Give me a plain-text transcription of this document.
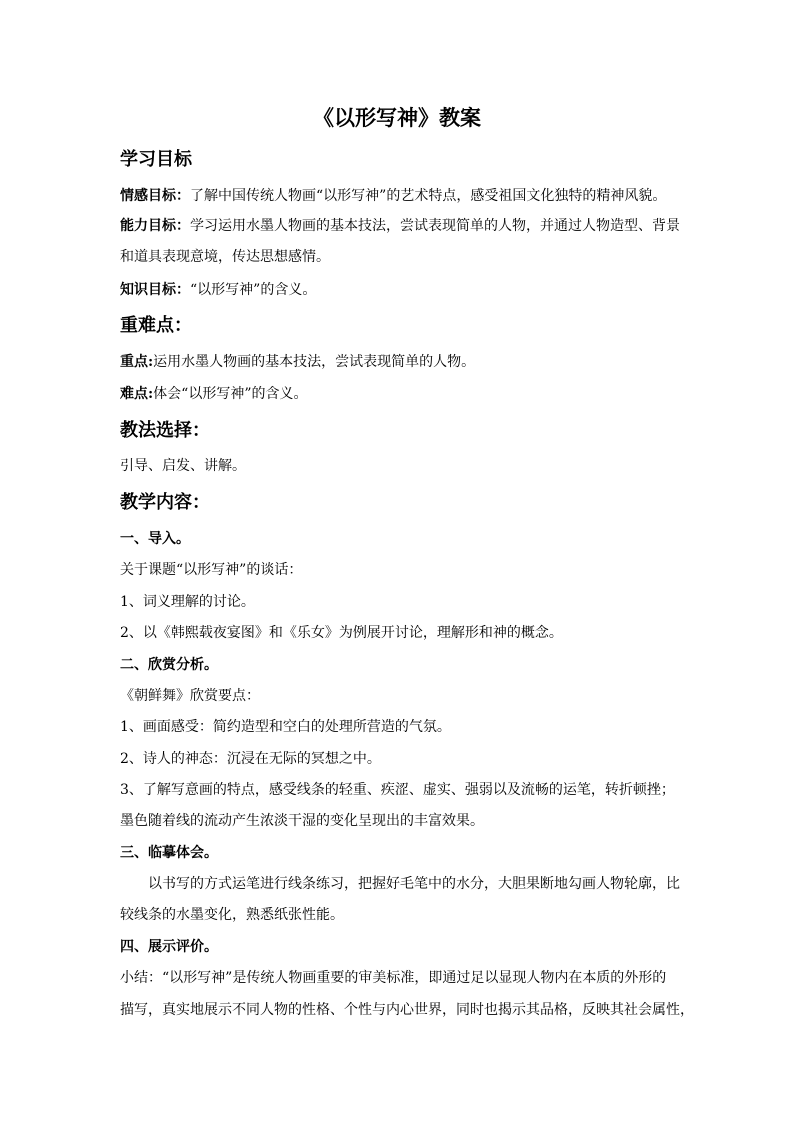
《以形写神》教案
学习目标
情感目标：了解中国传统人物画“以形写神”的艺术特点，感受祖国文化独特的精神风貌。
能力目标：学习运用水墨人物画的基本技法，尝试表现简单的人物，并通过人物造型、背景
和道具表现意境，传达思想感情。
知识目标：“以形写神”的含义。
重难点：
重点:运用水墨人物画的基本技法，尝试表现简单的人物。
难点:体会“以形写神”的含义。
教法选择：
引导、启发、讲解。
教学内容：
一、导入。
关于课题“以形写神”的谈话：
1、词义理解的讨论。
2、以《韩熙载夜宴图》和《乐女》为例展开讨论，理解形和神的概念。
二、欣赏分析。
《朝鲜舞》欣赏要点：
1、画面感受：简约造型和空白的处理所营造的气氛。
2、诗人的神态：沉浸在无际的冥想之中。
3、了解写意画的特点，感受线条的轻重、疾涩、虚实、强弱以及流畅的运笔，转折顿挫；
墨色随着线的流动产生浓淡干湿的变化呈现出的丰富效果。
三、临摹体会。
以书写的方式运笔进行线条练习，把握好毛笔中的水分，大胆果断地勾画人物轮廓，比
较线条的水墨变化，熟悉纸张性能。
四、展示评价。
小结：“以形写神”是传统人物画重要的审美标准，即通过足以显现人物内在本质的外形的
描写，真实地展示不同人物的性格、个性与内心世界，同时也揭示其品格，反映其社会属性，
